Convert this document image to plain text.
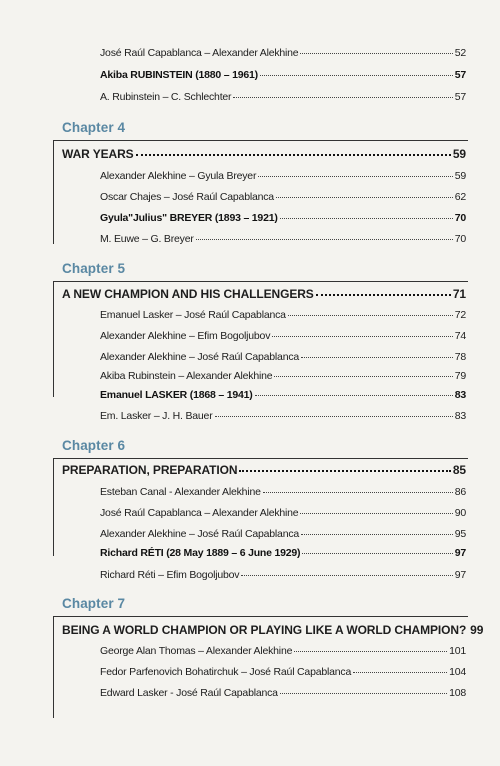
José Raúl Capablanca – Alexander Alekhine	52
Akiba RUBINSTEIN (1880 – 1961)	57
A. Rubinstein – C. Schlechter	57
Chapter 4
WAR YEARS	59
Alexander Alekhine – Gyula Breyer	59
Oscar Chajes – José Raúl Capablanca	62
Gyula"Julius" BREYER (1893 – 1921)	70
M. Euwe – G. Breyer	70
Chapter 5
A NEW CHAMPION AND HIS CHALLENGERS	71
Emanuel Lasker – José Raúl Capablanca	72
Alexander Alekhine – Efim Bogoljubov	74
Alexander Alekhine – José Raúl Capablanca	78
Akiba Rubinstein – Alexander Alekhine	79
Emanuel LASKER (1868 – 1941)	83
Em. Lasker – J. H. Bauer	83
Chapter 6
PREPARATION, PREPARATION	85
Esteban Canal - Alexander Alekhine	86
José Raúl Capablanca – Alexander Alekhine	90
Alexander Alekhine – José Raúl Capablanca	95
Richard RÉTI (28 May 1889 – 6 June 1929)	97
Richard Réti – Efim Bogoljubov	97
Chapter 7
BEING A WORLD CHAMPION OR PLAYING LIKE A WORLD CHAMPION? 99
George Alan Thomas – Alexander Alekhine	101
Fedor Parfenovich Bohatirchuk – José Raúl Capablanca	104
Edward Lasker - José Raúl Capablanca	108
